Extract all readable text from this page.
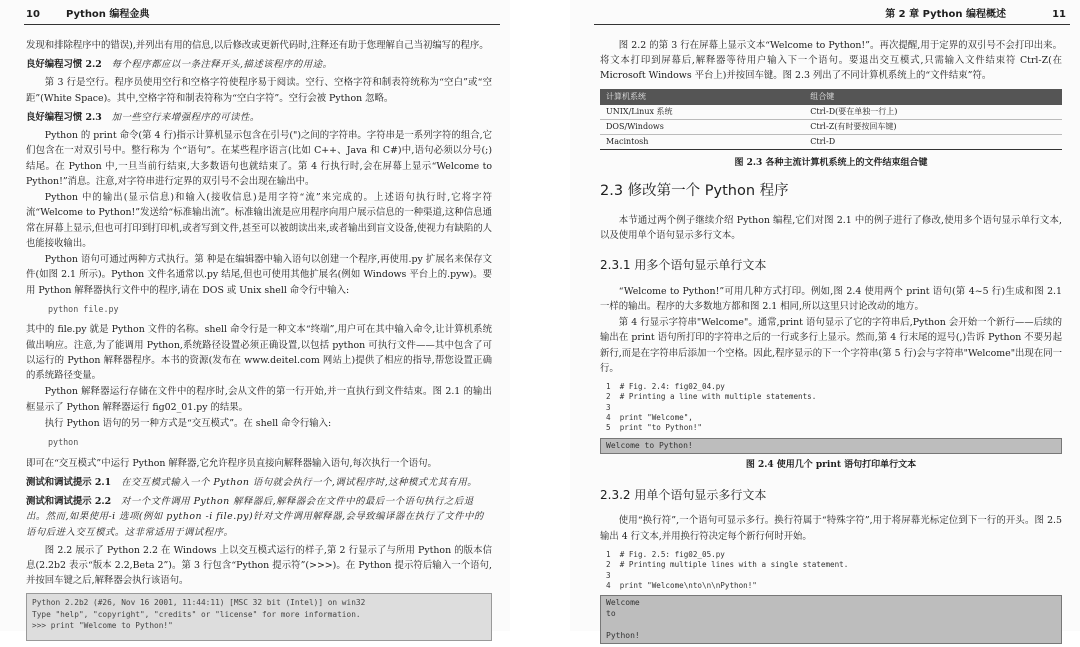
10	Python 编程金典

发现和排除程序中的错误),并列出有用的信息,以后修改或更新代码时,注释还有助于您理解自己当初编写的程序。

良好编程习惯 2.2 每个程序都应以一条注释开头,描述该程序的用途。

第 3 行是空行。程序员使用空行和空格字符使程序易于阅读。空行、空格字符和制表符统称为“空白”或“空距”(White Space)。其中,空格字符和制表符称为“空白字符”。空行会被 Python 忽略。

良好编程习惯 2.3 加一些空行来增强程序的可读性。

Python 的 print 命令(第 4 行)指示计算机显示包含在引号(")之间的字符串。字符串是一系列字符的组合,它们包含在一对双引号中。整行称为 个“语句”。在某些程序语言(比如 C++、Java 和 C#)中,语句必须以分号(;)结尾。在 Python 中,一旦当前行结束,大多数语句也就结束了。第 4 行执行时,会在屏幕上显示“Welcome to Python!”消息。注意,对字符串进行定界的双引号不会出现在输出中。

Python 中的输出(显示信息)和输入(接收信息)是用字符“流”来完成的。上述语句执行时,它将字符流“Welcome to Python!”发送给“标准输出流”。标准输出流是应用程序向用户展示信息的一种渠道,这种信息通常在屏幕上显示,但也可打印到打印机,或者写到文件,甚至可以被朗读出来,或者输出到盲文设备,使视力有缺陷的人也能接收输出。

Python 语句可通过两种方式执行。第 种是在编辑器中输入语句以创建一个程序,再使用.py 扩展名来保存文件(如图 2.1 所示)。Python 文件名通常以.py 结尾,但也可使用其他扩展名(例如 Windows 平台上的.pyw)。要用 Python 解释器执行文件中的程序,请在 DOS 或 Unix shell 命令行中输入:

python file.py

其中的 file.py 就是 Python 文件的名称。shell 命令行是一种文本“终端”,用户可在其中输入命令,让计算机系统做出响应。注意,为了能调用 Python,系统路径设置必须正确设置,以包括 python 可执行文件——其中包含了可以运行的 Python 解释器程序。本书的资源(发布在 www.deitel.com 网站上)提供了相应的指导,帮您设置正确的系统路径变量。

Python 解释器运行存储在文件中的程序时,会从文件的第一行开始,并一直执行到文件结束。图 2.1 的输出框显示了 Python 解释器运行 fig02_01.py 的结果。

执行 Python 语句的另一种方式是“交互模式”。在 shell 命令行输入:

python

即可在“交互模式”中运行 Python 解释器,它允许程序员直接向解释器输入语句,每次执行一个语句。

测试和调试提示 2.1 在交互模式输入一个 Python 语句就会执行一个,调试程序时,这种模式尤其有用。
测试和调试提示 2.2 对一个文件调用 Python 解释器后,解释器会在文件中的最后一个语句执行之后退出。然而,如果使用-i 选项(例如 python -i file.py)针对文件调用解释器,会导致编译器在执行了文件中的语句后进入交互模式。这非常适用于调试程序。

图 2.2 展示了 Python 2.2 在 Windows 上以交互模式运行的样子,第 2 行显示了与所用 Python 的版本信息(2.2b2 表示“版本 2.2,Beta 2”)。第 3 行包含“Python 提示符”(>>>)。在 Python 提示符后输入一个语句,并按回车键之后,解释器会执行该语句。

Python 2.2b2 (#26, Nov 16 2001, 11:44:11) [MSC 32 bit (Intel)] on win32
Type "help", "copyright", "credits" or "license" for more information.
>>> print "Welcome to Python!"
第 2 章 Python 编程概述	11

图 2.2 的第 3 行在屏幕上显示文本“Welcome to Python!”。再次提醒,用于定界的双引号不会打印出来。将文本打印到屏幕后,解释器等待用户输入下一个语句。要退出交互模式,只需输入文件结束符 Ctrl-Z(在 Microsoft Windows 平台上)并按回车键。图 2.3 列出了不同计算机系统上的“文件结束”符。

计算机系统	组合键
UNIX/Linux 系统	Ctrl-D(要在单独一行上)
DOS/Windows	Ctrl-Z(有时要按回车键)
Macintosh	Ctrl-D
图 2.3 各种主流计算机系统上的文件结束组合键
2.3 修改第一个 Python 程序

本节通过两个例子继续介绍 Python 编程,它们对图 2.1 中的例子进行了修改,使用多个语句显示单行文本,以及使用单个语句显示多行文本。

2.3.1 用多个语句显示单行文本

“Welcome to Python!”可用几种方式打印。例如,图 2.4 使用两个 print 语句(第 4~5 行)生成和图 2.1 一样的输出。程序的大多数地方都和图 2.1 相同,所以这里只讨论改动的地方。

第 4 行显示字符串"Welcome"。通常,print 语句显示了它的字符串后,Python 会开始一个新行——后续的输出在 print 语句所打印的字符串之后的一行或多行上显示。然而,第 4 行末尾的逗号(,)告诉 Python 不要另起新行,而是在字符串后添加一个空格。因此,程序显示的下一个字符串(第 5 行)会与字符串"Welcome"出现在同一行。

1  # Fig. 2.4: fig02_04.py
2  # Printing a line with multiple statements.
3
4  print "Welcome",
5  print "to Python!"
Welcome to Python!
图 2.4 使用几个 print 语句打印单行文本
2.3.2 用单个语句显示多行文本

使用“换行符”,一个语句可显示多行。换行符属于“特殊字符”,用于将屏幕光标定位到下一行的开头。图 2.5 输出 4 行文本,并用换行符决定每个新行何时开始。

1  # Fig. 2.5: fig02_05.py
2  # Printing multiple lines with a single statement.
3
4  print "Welcome\nto\n\nPython!"
Welcome
to

Python!
